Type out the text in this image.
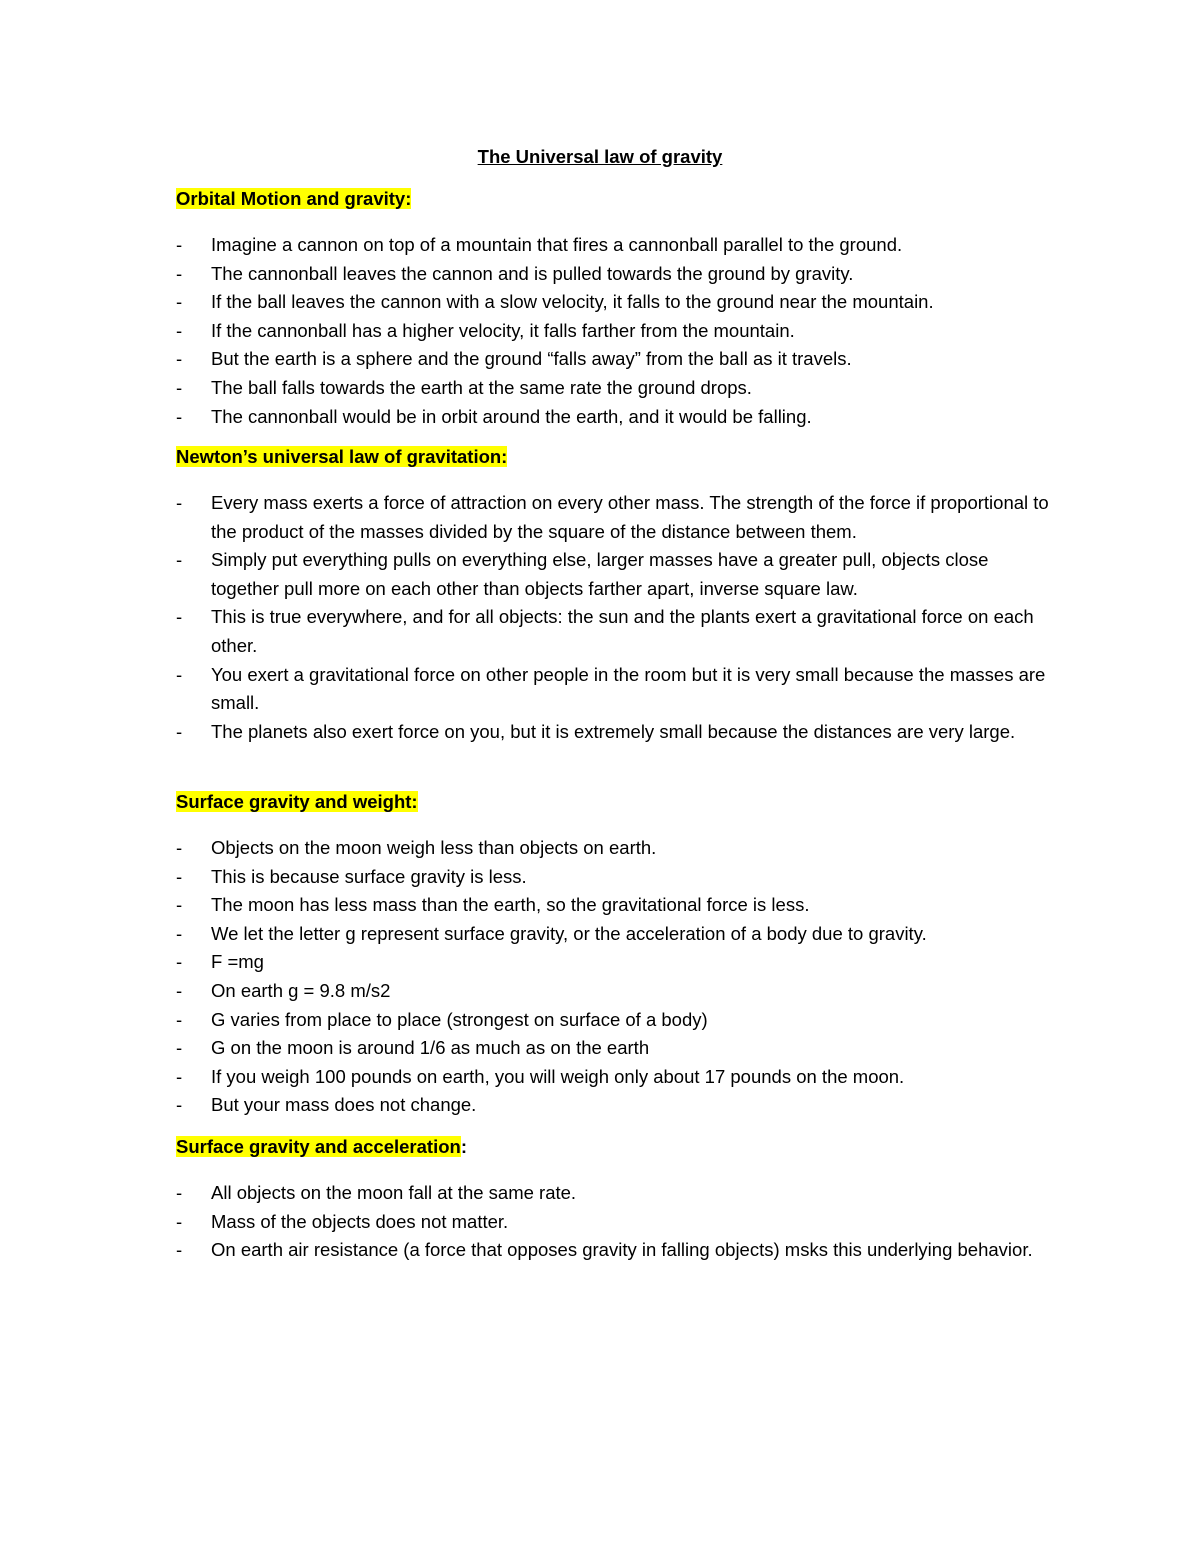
The Universal law of gravity
Orbital Motion and gravity:
- Imagine a cannon on top of a mountain that fires a cannonball parallel to the ground.
- The cannonball leaves the cannon and is pulled towards the ground by gravity.
- If the ball leaves the cannon with a slow velocity, it falls to the ground near the mountain.
- If the cannonball has a higher velocity, it falls farther from the mountain.
- But the earth is a sphere and the ground “falls away” from the ball as it travels.
- The ball falls towards the earth at the same rate the ground drops.
- The cannonball would be in orbit around the earth, and it would be falling.
Newton’s universal law of gravitation:
- Every mass exerts a force of attraction on every other mass. The strength of the force if proportional to the product of the masses divided by the square of the distance between them.
- Simply put everything pulls on everything else, larger masses have a greater pull, objects close together pull more on each other than objects farther apart, inverse square law.
- This is true everywhere, and for all objects: the sun and the plants exert a gravitational force on each other.
- You exert a gravitational force on other people in the room but it is very small because the masses are small.
- The planets also exert force on you, but it is extremely small because the distances are very large.
Surface gravity and weight:
- Objects on the moon weigh less than objects on earth.
- This is because surface gravity is less.
- The moon has less mass than the earth, so the gravitational force is less.
- We let the letter g represent surface gravity, or the acceleration of a body due to gravity.
- F =mg
- On earth g = 9.8 m/s2
- G varies from place to place (strongest on surface of a body)
- G on the moon is around 1/6 as much as on the earth
- If you weigh 100 pounds on earth, you will weigh only about 17 pounds on the moon.
- But your mass does not change.
Surface gravity and acceleration:
- All objects on the moon fall at the same rate.
- Mass of the objects does not matter.
- On earth air resistance (a force that opposes gravity in falling objects) msks this underlying behavior.
